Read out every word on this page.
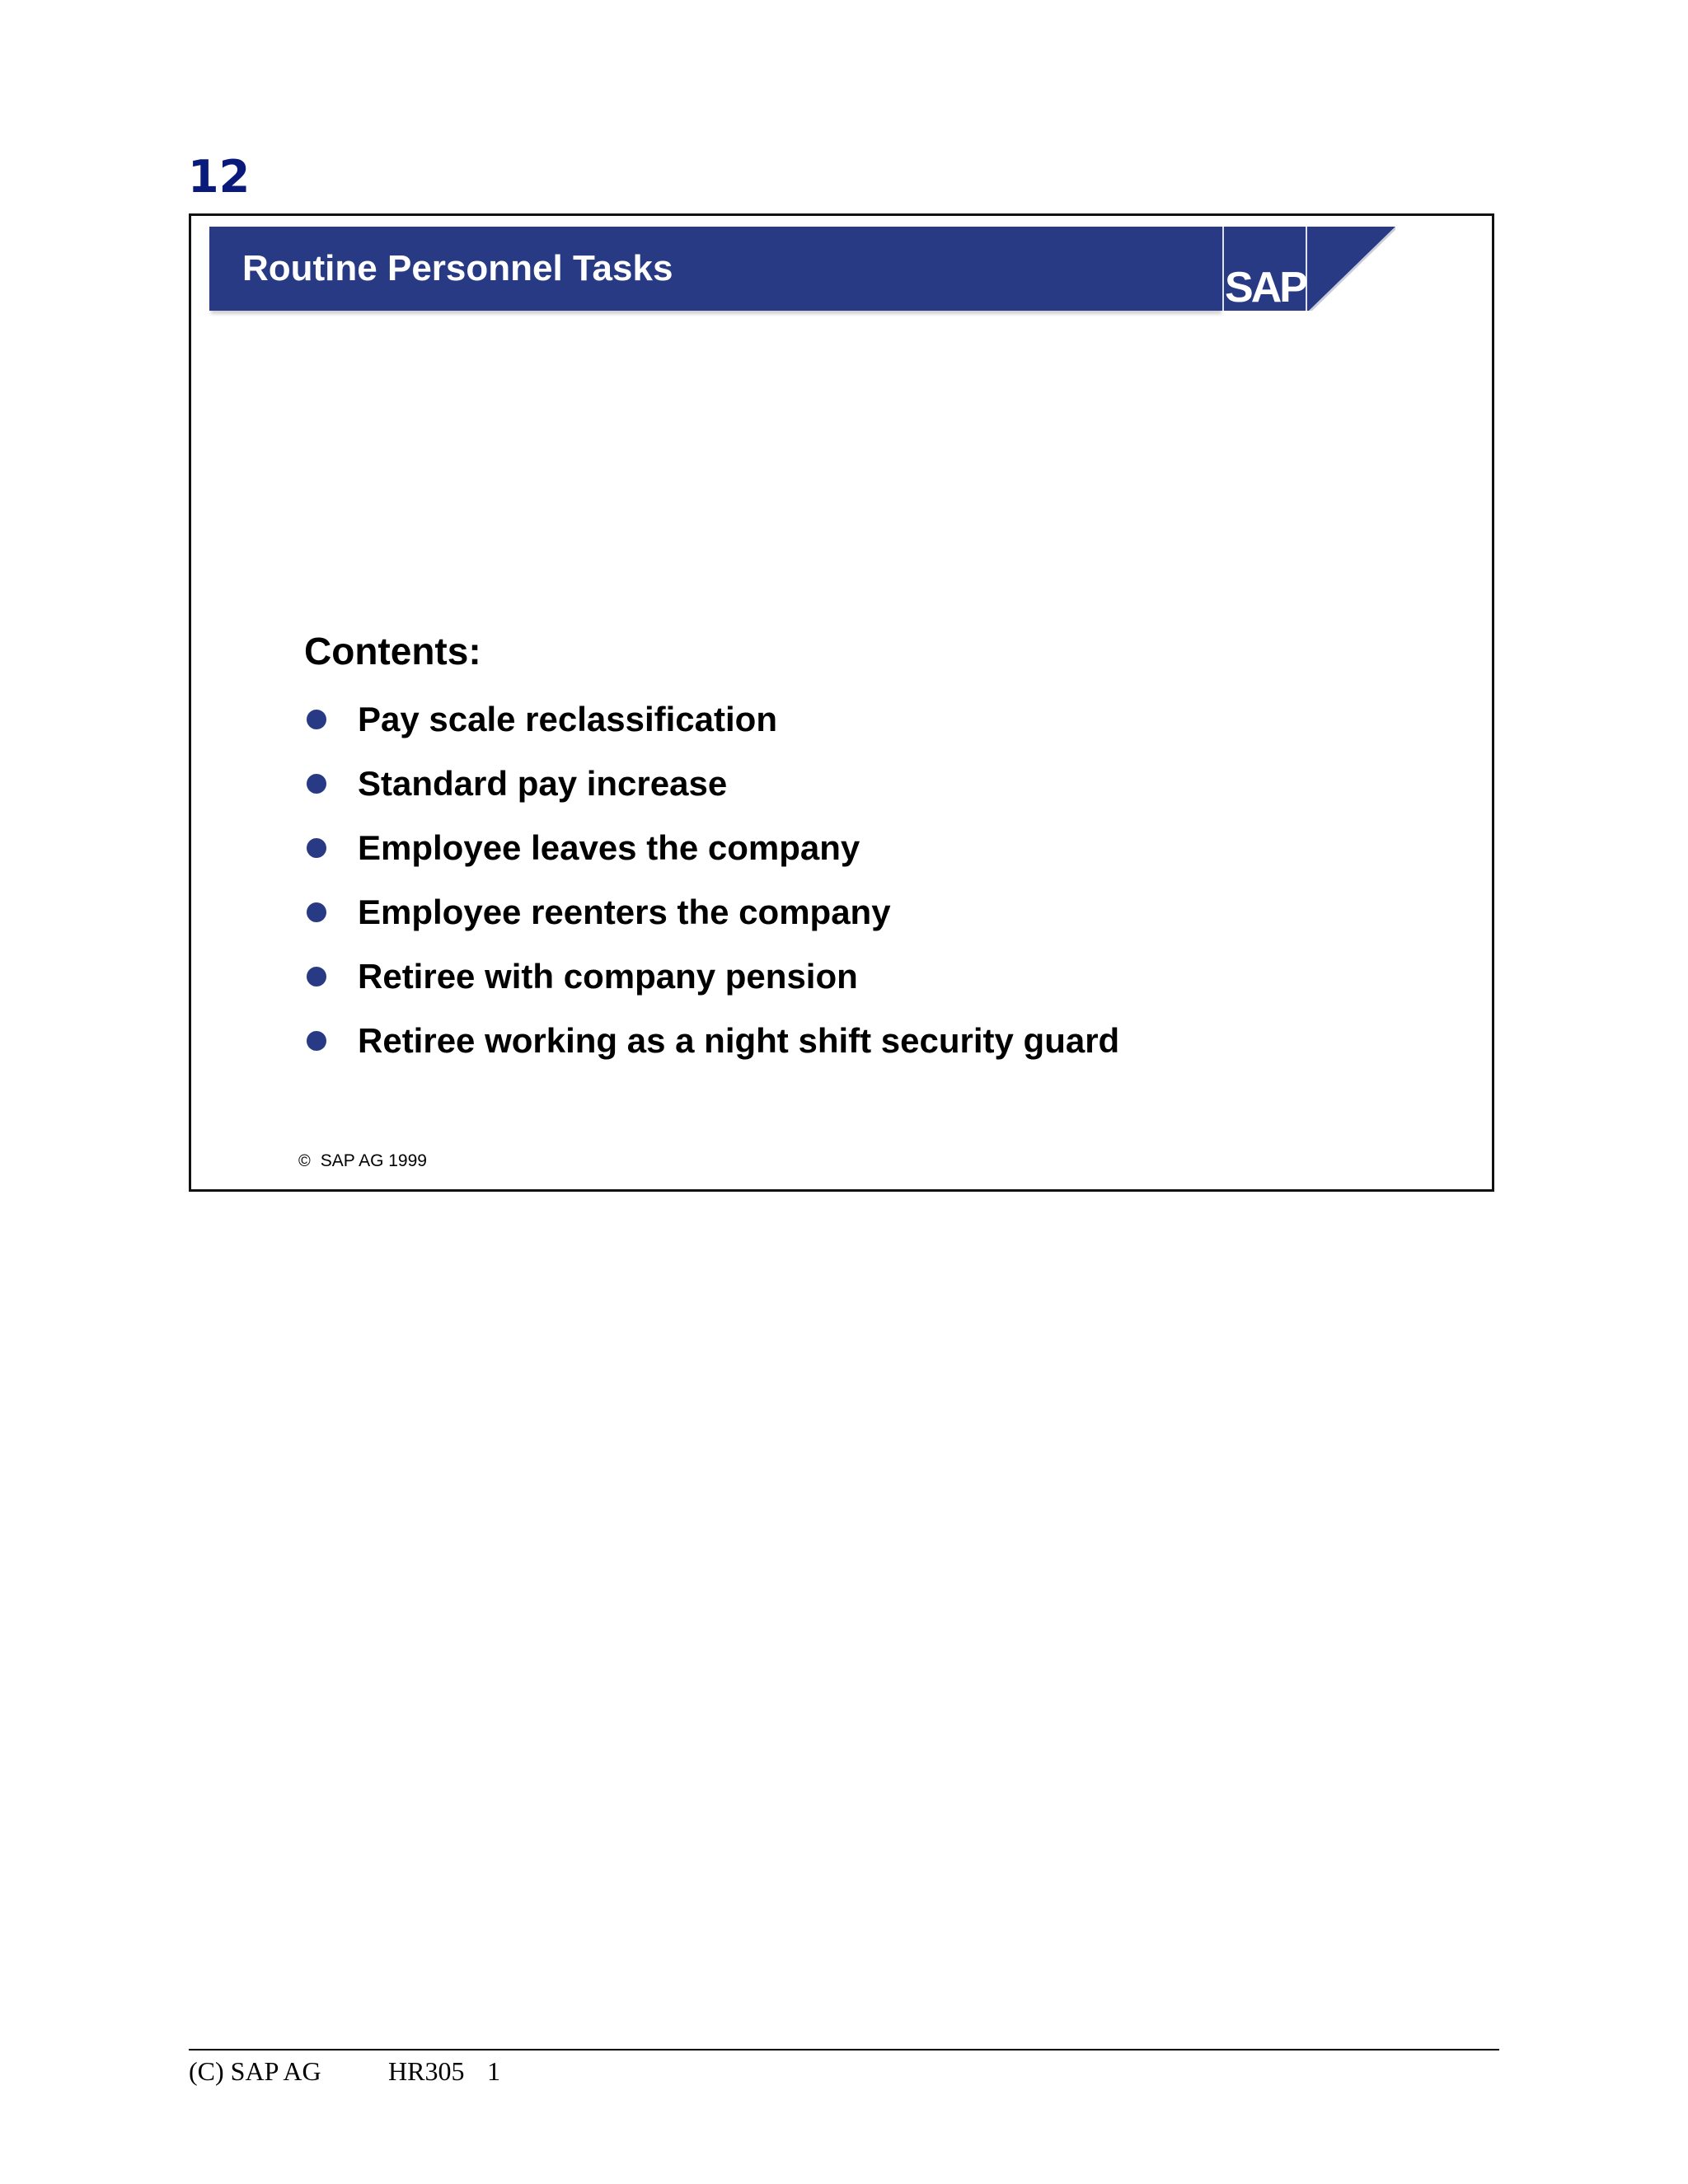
12
Routine Personnel Tasks	SAP
Contents:
Pay scale reclassification
Standard pay increase
Employee leaves the company
Employee reenters the company
Retiree with company pension
Retiree working as a night shift security guard
© SAP AG 1999
(C) SAP AG	HR305 1
